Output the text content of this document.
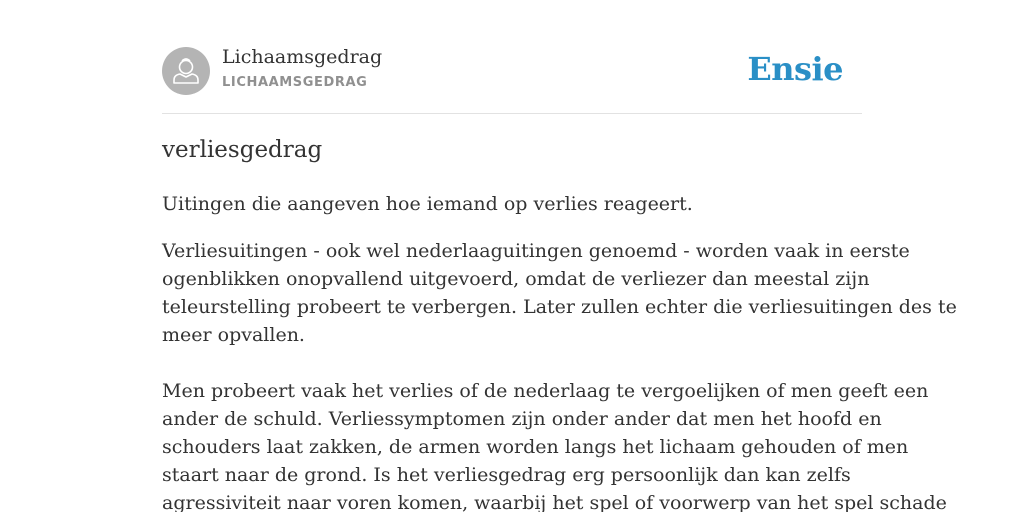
Lichaamsgedrag
LICHAAMSGEDRAG	Ensie
verliesgedrag

Uitingen die aangeven hoe iemand op verlies reageert.

Verliesuitingen - ook wel nederlaaguitingen genoemd - worden vaak in eerste
ogenblikken onopvallend uitgevoerd, omdat de verliezer dan meestal zijn
teleurstelling probeert te verbergen. Later zullen echter die verliesuitingen des te
meer opvallen.
Men probeert vaak het verlies of de nederlaag te vergoelijken of men geeft een
ander de schuld. Verliessymptomen zijn onder ander dat men het hoofd en
schouders laat zakken, de armen worden langs het lichaam gehouden of men
staart naar de grond. Is het verliesgedrag erg persoonlijk dan kan zelfs
agressiviteit naar voren komen, waarbij het spel of voorwerp van het spel schade
